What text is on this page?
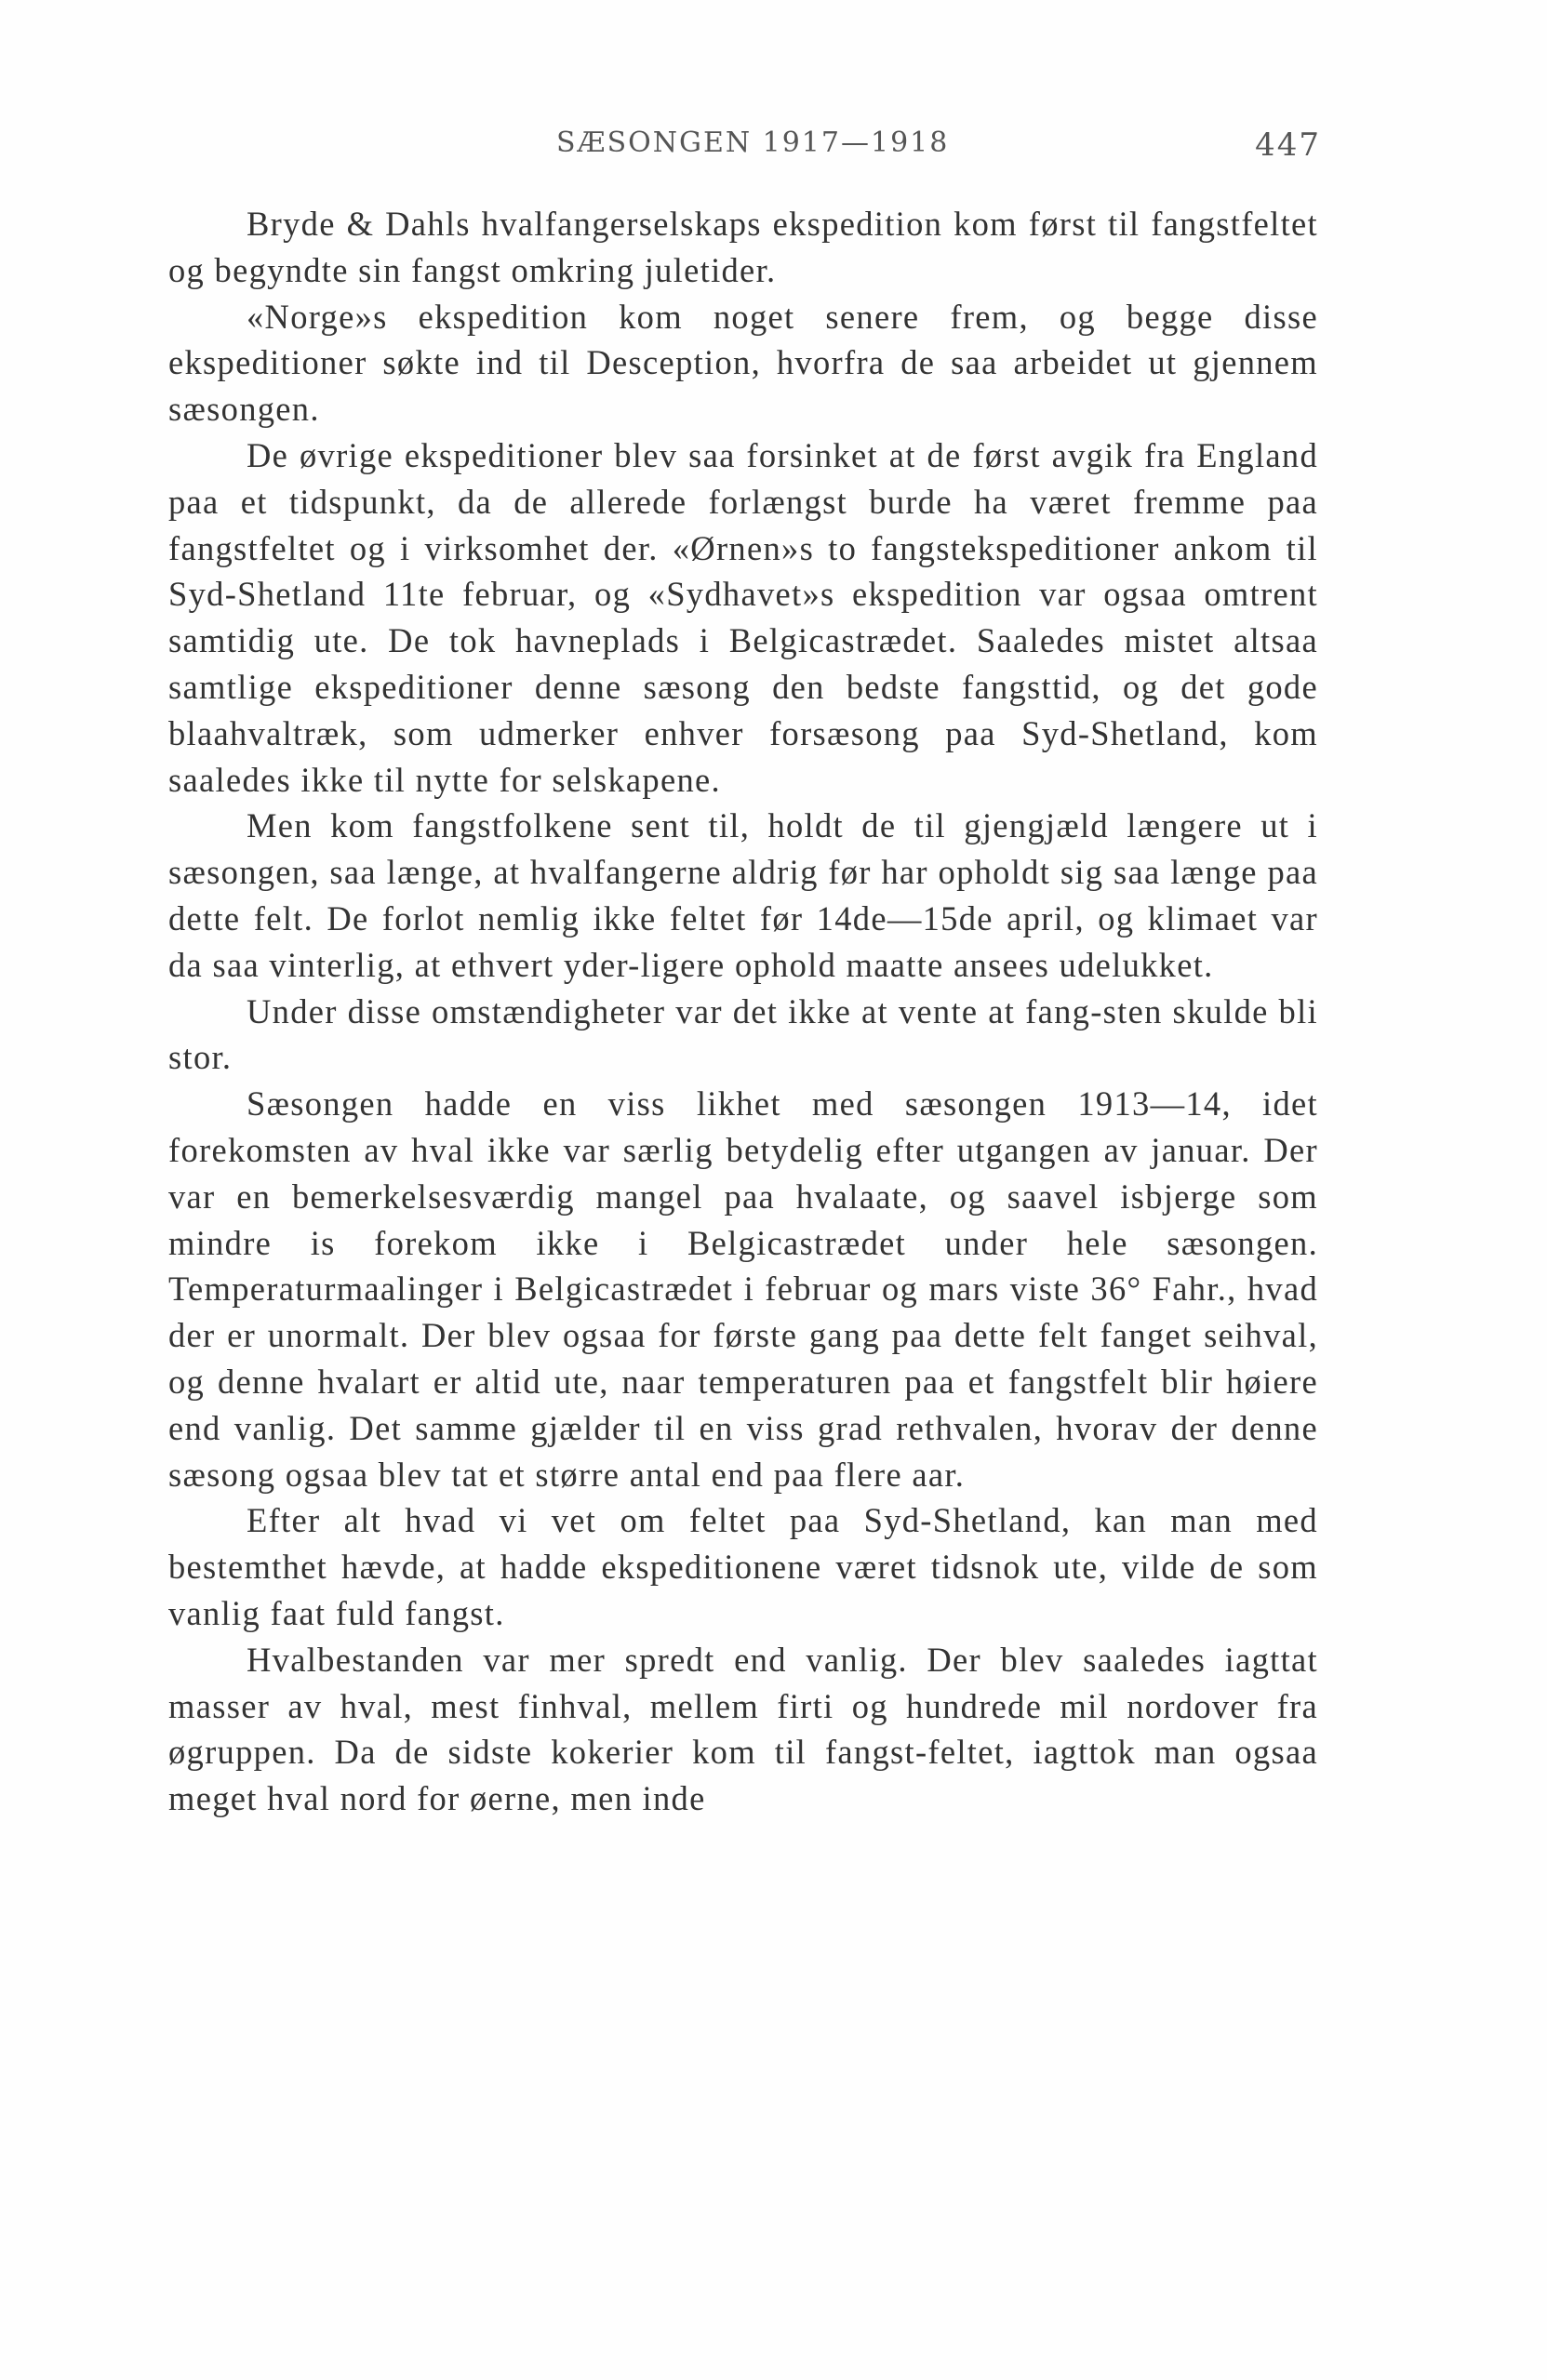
SÆSONGEN 1917—1918	447

Bryde & Dahls hvalfangerselskaps ekspedition kom først til fangstfeltet og begyndte sin fangst omkring juletider.

«Norge»s ekspedition kom noget senere frem, og begge disse ekspeditioner søkte ind til Desception, hvorfra de saa arbeidet ut gjennem sæsongen.

De øvrige ekspeditioner blev saa forsinket at de først avgik fra England paa et tidspunkt, da de allerede forlængst burde ha været fremme paa fangstfeltet og i virksomhet der. «Ørnen»s to fangstekspeditioner ankom til Syd-Shetland 11te februar, og «Sydhavet»s ekspedition var ogsaa omtrent samtidig ute. De tok havneplads i Belgicastrædet. Saaledes mistet altsaa samtlige ekspeditioner denne sæsong den bedste fangsttid, og det gode blaahvaltræk, som udmerker enhver forsæsong paa Syd-Shetland, kom saaledes ikke til nytte for selskapene.

Men kom fangstfolkene sent til, holdt de til gjengjæld længere ut i sæsongen, saa længe, at hvalfangerne aldrig før har opholdt sig saa længe paa dette felt. De forlot nemlig ikke feltet før 14de—15de april, og klimaet var da saa vinterlig, at ethvert yder-ligere ophold maatte ansees udelukket.

Under disse omstændigheter var det ikke at vente at fang-sten skulde bli stor.

Sæsongen hadde en viss likhet med sæsongen 1913—14, idet forekomsten av hval ikke var særlig betydelig efter utgangen av januar. Der var en bemerkelsesværdig mangel paa hvalaate, og saavel isbjerge som mindre is forekom ikke i Belgicastrædet under hele sæsongen. Temperaturmaalinger i Belgicastrædet i februar og mars viste 36° Fahr., hvad der er unormalt. Der blev ogsaa for første gang paa dette felt fanget seihval, og denne hvalart er altid ute, naar temperaturen paa et fangstfelt blir høiere end vanlig. Det samme gjælder til en viss grad rethvalen, hvorav der denne sæsong ogsaa blev tat et større antal end paa flere aar.

Efter alt hvad vi vet om feltet paa Syd-Shetland, kan man med bestemthet hævde, at hadde ekspeditionene været tidsnok ute, vilde de som vanlig faat fuld fangst.

Hvalbestanden var mer spredt end vanlig. Der blev saaledes iagttat masser av hval, mest finhval, mellem firti og hundrede mil nordover fra øgruppen. Da de sidste kokerier kom til fangst-feltet, iagttok man ogsaa meget hval nord for øerne, men inde
